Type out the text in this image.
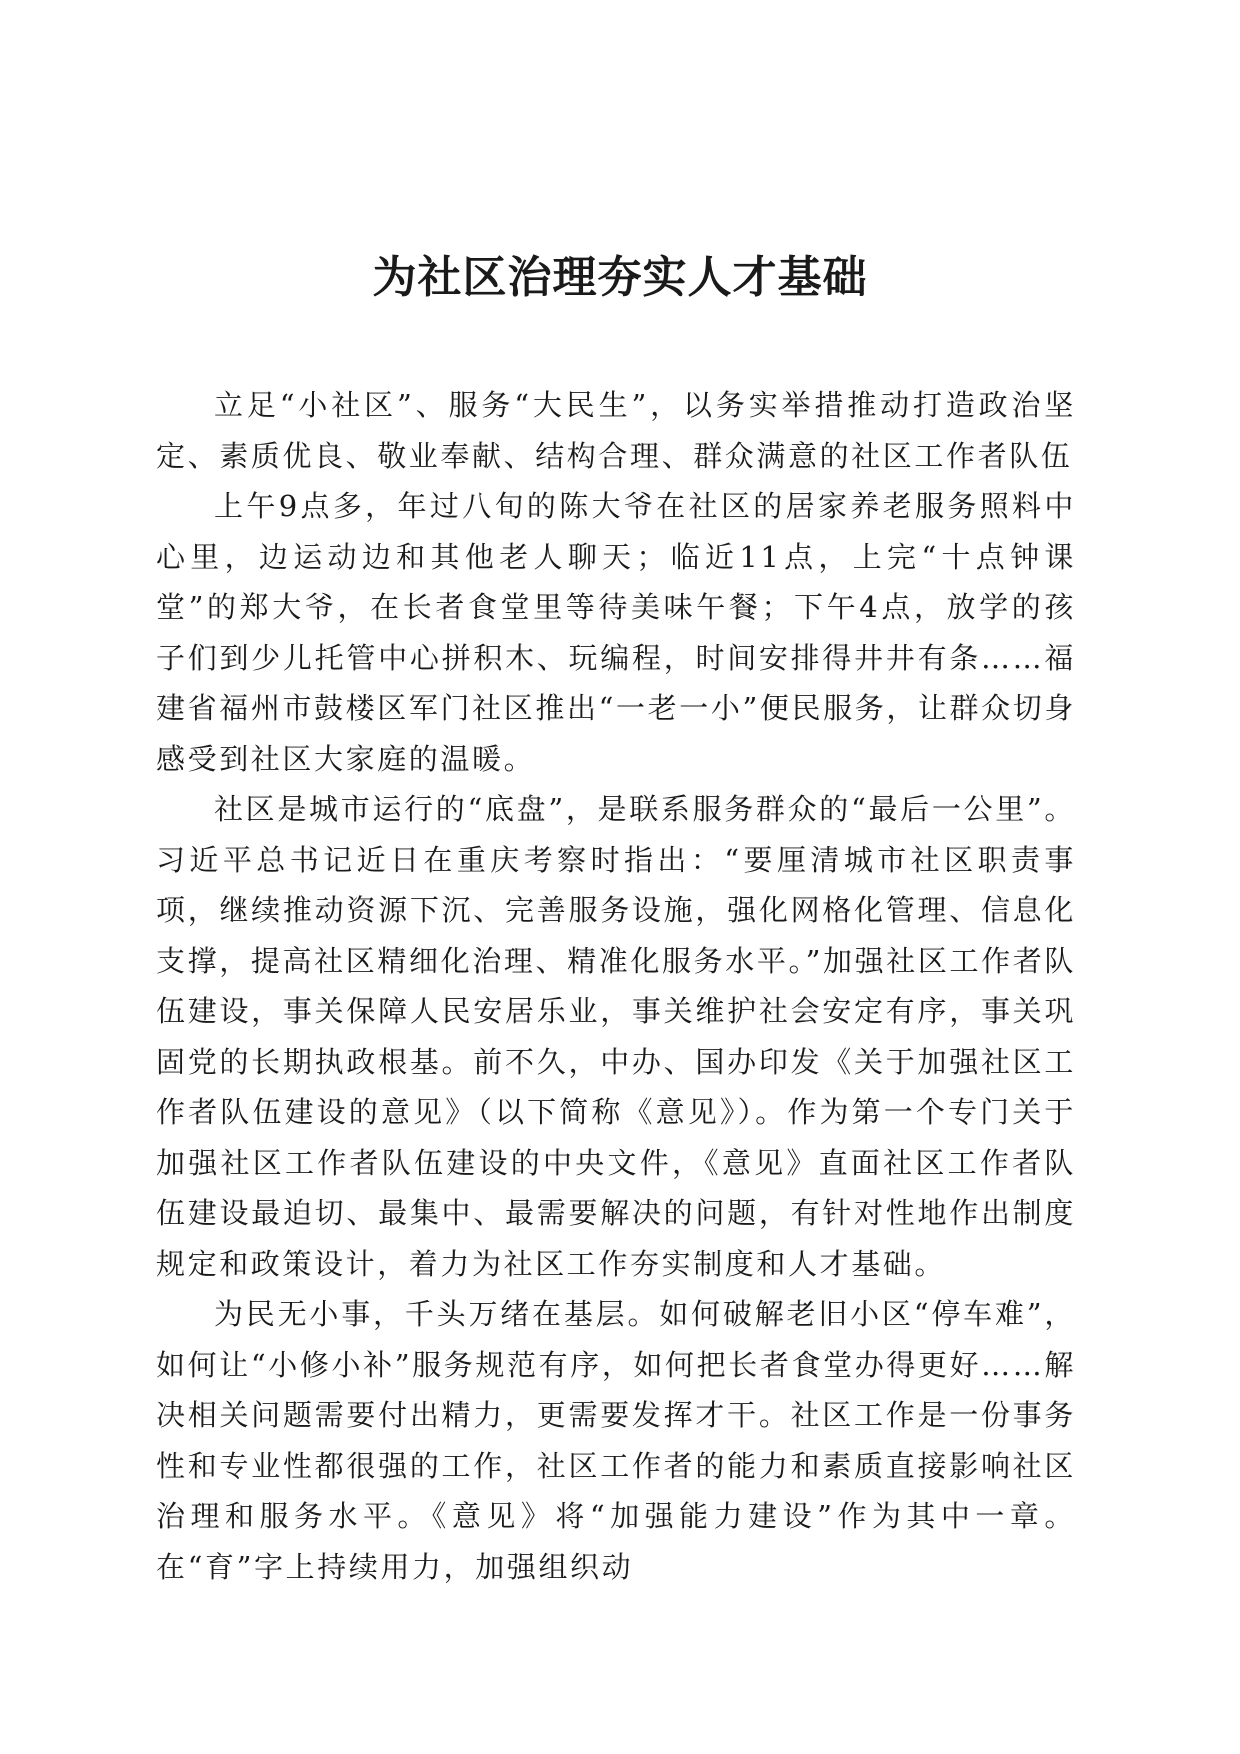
为社区治理夯实人才基础

立足“小社区”、服务“大民生”，以务实举措推动打造政治坚定、素质优良、敬业奉献、结构合理、群众满意的社区工作者队伍

上午9点多，年过八旬的陈大爷在社区的居家养老服务照料中心里，边运动边和其他老人聊天；临近11点，上完“十点钟课堂”的郑大爷，在长者食堂里等待美味午餐；下午4点，放学的孩子们到少儿托管中心拼积木、玩编程，时间安排得井井有条……福建省福州市鼓楼区军门社区推出“一老一小”便民服务，让群众切身感受到社区大家庭的温暖。

社区是城市运行的“底盘”，是联系服务群众的“最后一公里”。习近平总书记近日在重庆考察时指出：“要厘清城市社区职责事项，继续推动资源下沉、完善服务设施，强化网格化管理、信息化支撑，提高社区精细化治理、精准化服务水平。”加强社区工作者队伍建设，事关保障人民安居乐业，事关维护社会安定有序，事关巩固党的长期执政根基。前不久，中办、国办印发《关于加强社区工作者队伍建设的意见》（以下简称《意见》）。作为第一个专门关于加强社区工作者队伍建设的中央文件，《意见》直面社区工作者队伍建设最迫切、最集中、最需要解决的问题，有针对性地作出制度规定和政策设计，着力为社区工作夯实制度和人才基础。

为民无小事，千头万绪在基层。如何破解老旧小区“停车难”，如何让“小修小补”服务规范有序，如何把长者食堂办得更好……解决相关问题需要付出精力，更需要发挥才干。社区工作是一份事务性和专业性都很强的工作，社区工作者的能力和素质直接影响社区治理和服务水平。《意见》将“加强能力建设”作为其中一章。在“育”字上持续用力，加强组织动
